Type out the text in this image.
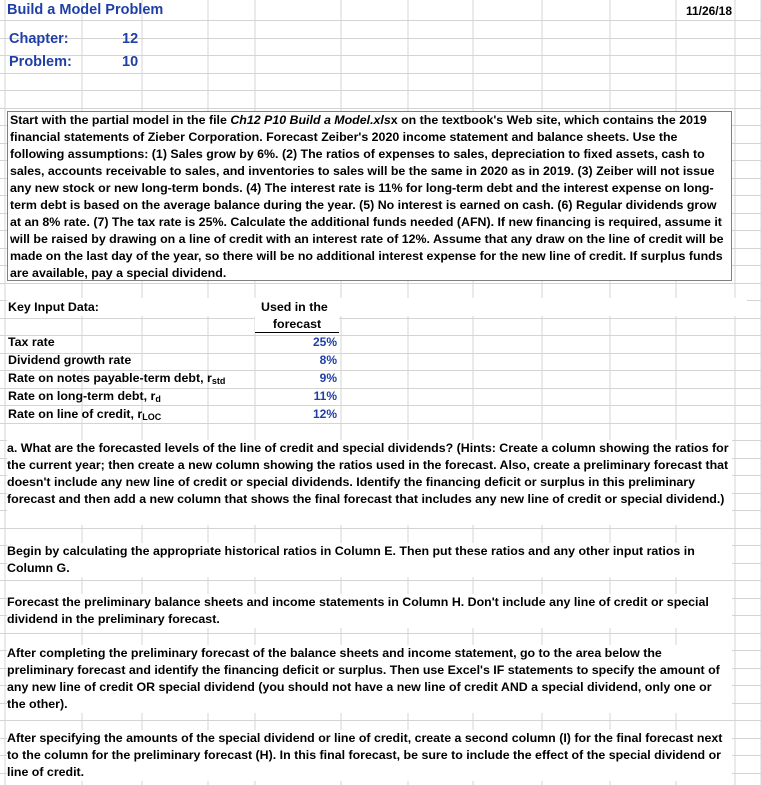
Build a Model Problem	11/26/18
Chapter:	12
Problem:	10
Start with the partial model in the file Ch12 P10 Build a Model.xlsx on the textbook's Web site, which contains the 2019 financial statements of Zieber Corporation. Forecast Zeiber's 2020 income statement and balance sheets. Use the following assumptions: (1) Sales grow by 6%. (2) The ratios of expenses to sales, depreciation to fixed assets, cash to sales, accounts receivable to sales, and inventories to sales will be the same in 2020 as in 2019. (3) Zeiber will not issue any new stock or new long-term bonds. (4) The interest rate is 11% for long-term debt and the interest expense on long-term debt is based on the average balance during the year. (5) No interest is earned on cash. (6) Regular dividends grow at an 8% rate. (7) The tax rate is 25%. Calculate the additional funds needed (AFN). If new financing is required, assume it will be raised by drawing on a line of credit with an interest rate of 12%. Assume that any draw on the line of credit will be made on the last day of the year, so there will be no additional interest expense for the new line of credit. If surplus funds are available, pay a special dividend.
Key Input Data:	Used in the
forecast
Tax rate	25%
Dividend growth rate	8%
Rate on notes payable-term debt, $r_{std}$	9%
Rate on long-term debt, $r_d$	11%
Rate on line of credit, $r_{LOC}$	12%
a. What are the forecasted levels of the line of credit and special dividends? (Hints: Create a column showing the ratios for the current year; then create a new column showing the ratios used in the forecast. Also, create a preliminary forecast that doesn't include any new line of credit or special dividends. Identify the financing deficit or surplus in this preliminary forecast and then add a new column that shows the final forecast that includes any new line of credit or special dividend.)
Begin by calculating the appropriate historical ratios in Column E. Then put these ratios and any other input ratios in Column G.
Forecast the preliminary balance sheets and income statements in Column H. Don't include any line of credit or special dividend in the preliminary forecast.
After completing the preliminary forecast of the balance sheets and income statement, go to the area below the preliminary forecast and identify the financing deficit or surplus. Then use Excel's IF statements to specify the amount of any new line of credit OR special dividend (you should not have a new line of credit AND a special dividend, only one or the other).
After specifying the amounts of the special dividend or line of credit, create a second column (I) for the final forecast next to the column for the preliminary forecast (H). In this final forecast, be sure to include the effect of the special dividend or line of credit.
